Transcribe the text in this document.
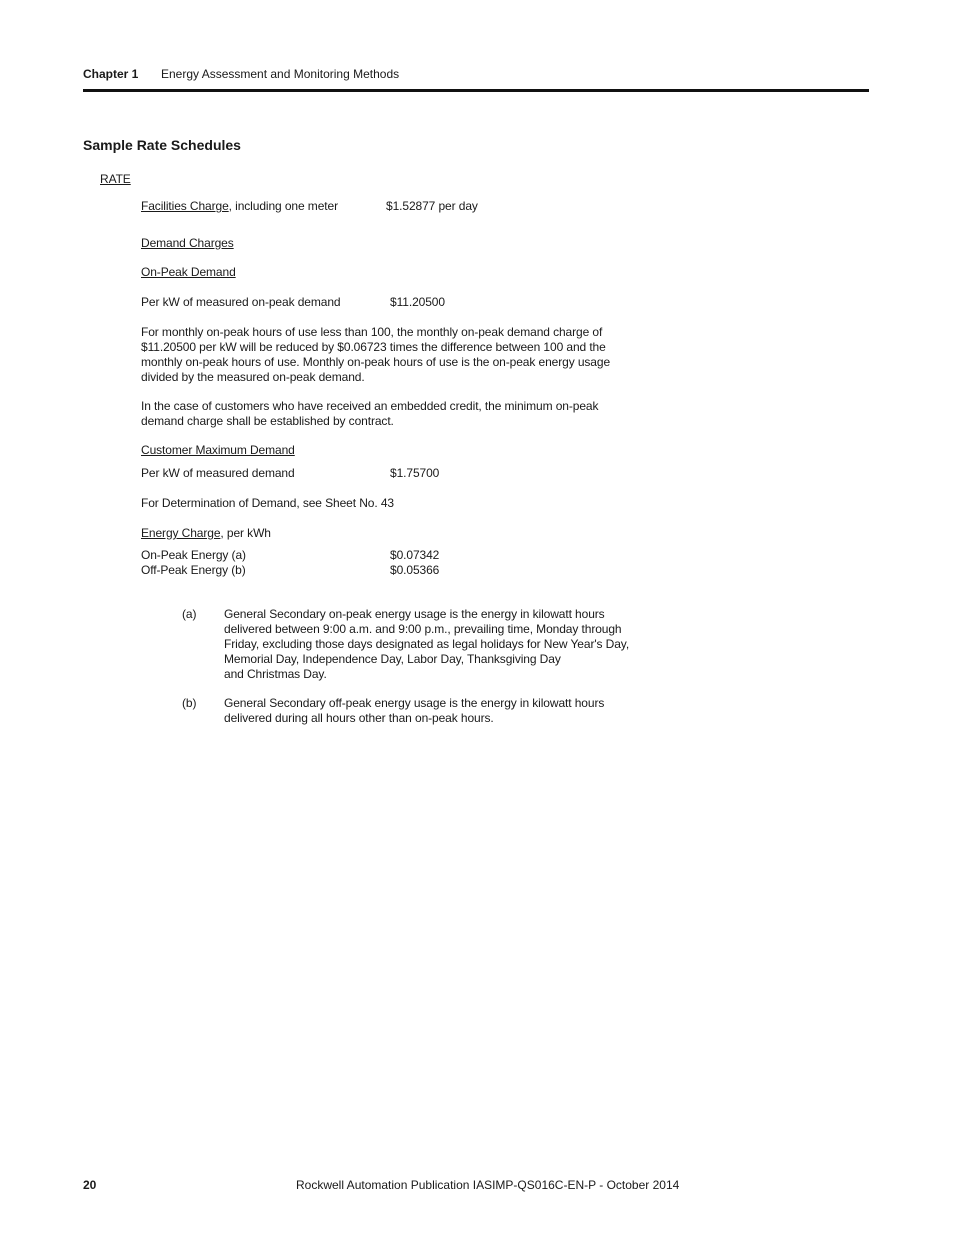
Chapter 1 Energy Assessment and Monitoring Methods
Sample Rate Schedules
RATE
Facilities Charge, including one meter	$1.52877 per day
Demand Charges
On-Peak Demand
Per kW of measured on-peak demand	$11.20500
For monthly on-peak hours of use less than 100, the monthly on-peak demand charge of
$11.20500 per kW will be reduced by $0.06723 times the difference between 100 and the
monthly on-peak hours of use. Monthly on-peak hours of use is the on-peak energy usage
divided by the measured on-peak demand.
In the case of customers who have received an embedded credit, the minimum on-peak
demand charge shall be established by contract.
Customer Maximum Demand
Per kW of measured demand	$1.75700
For Determination of Demand, see Sheet No. 43
Energy Charge, per kWh
On-Peak Energy (a)	$0.07342
Off-Peak Energy (b)	$0.05366
(a) General Secondary on-peak energy usage is the energy in kilowatt hours
delivered between 9:00 a.m. and 9:00 p.m., prevailing time, Monday through
Friday, excluding those days designated as legal holidays for New Year's Day,
Memorial Day, Independence Day, Labor Day, Thanksgiving Day
and Christmas Day.
(b) General Secondary off-peak energy usage is the energy in kilowatt hours
delivered during all hours other than on-peak hours.
20	Rockwell Automation Publication IASIMP-QS016C-EN-P - October 2014
